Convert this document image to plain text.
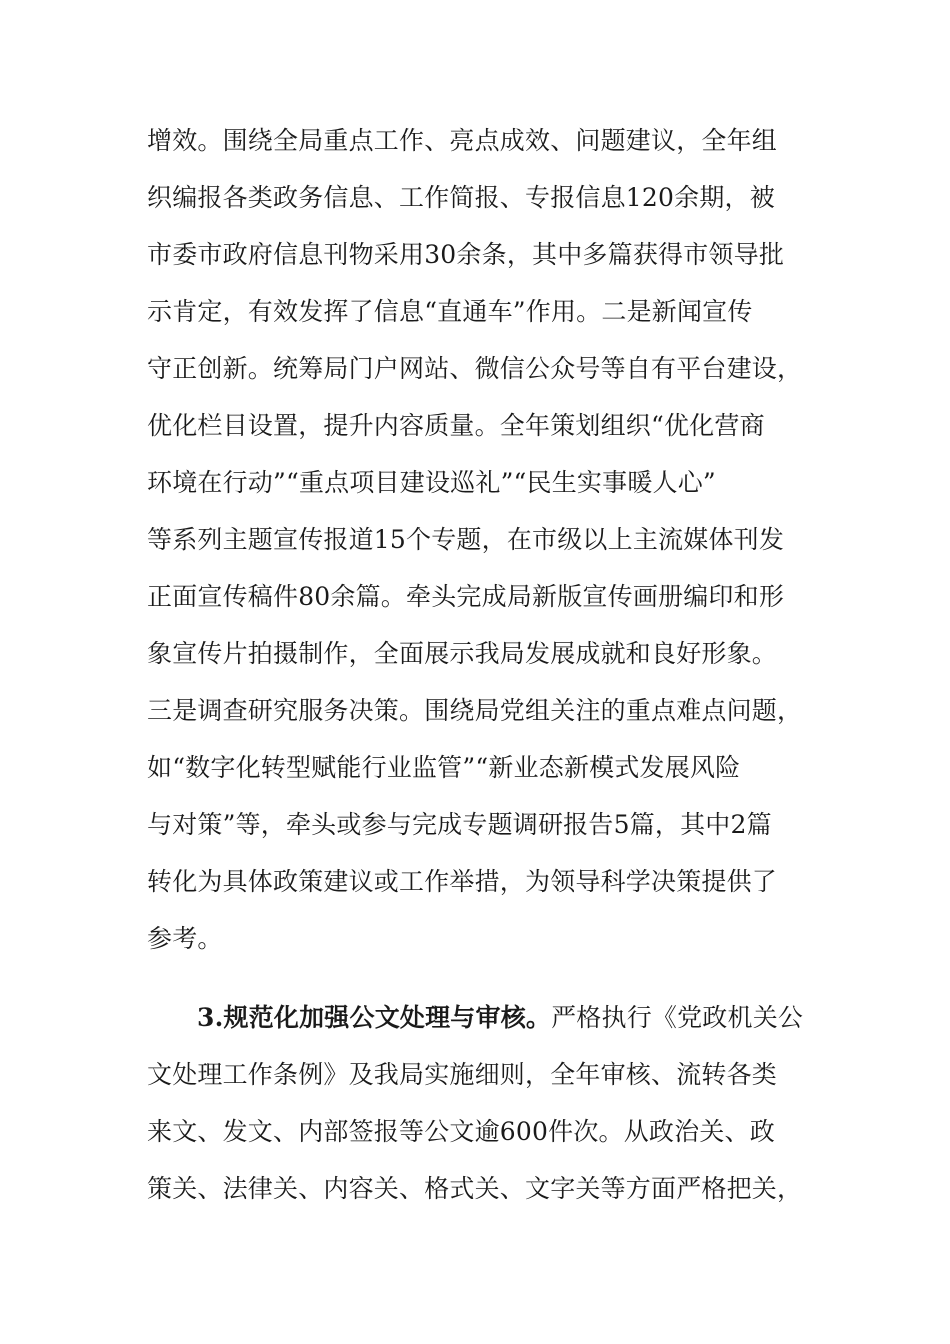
增效。围绕全局重点工作、亮点成效、问题建议，全年组
织编报各类政务信息、工作简报、专报信息120余期，被
市委市政府信息刊物采用30余条，其中多篇获得市领导批
示肯定，有效发挥了信息“直通车”作用。二是新闻宣传
守正创新。统筹局门户网站、微信公众号等自有平台建设，
优化栏目设置，提升内容质量。全年策划组织“优化营商
环境在行动”“重点项目建设巡礼”“民生实事暖人心”
等系列主题宣传报道15个专题，在市级以上主流媒体刊发
正面宣传稿件80余篇。牵头完成局新版宣传画册编印和形
象宣传片拍摄制作，全面展示我局发展成就和良好形象。
三是调查研究服务决策。围绕局党组关注的重点难点问题，
如“数字化转型赋能行业监管”“新业态新模式发展风险
与对策”等，牵头或参与完成专题调研报告5篇，其中2篇
转化为具体政策建议或工作举措，为领导科学决策提供了
参考。
3.规范化加强公文处理与审核。严格执行《党政机关公
文处理工作条例》及我局实施细则，全年审核、流转各类
来文、发文、内部签报等公文逾600件次。从政治关、政
策关、法律关、内容关、格式关、文字关等方面严格把关，
